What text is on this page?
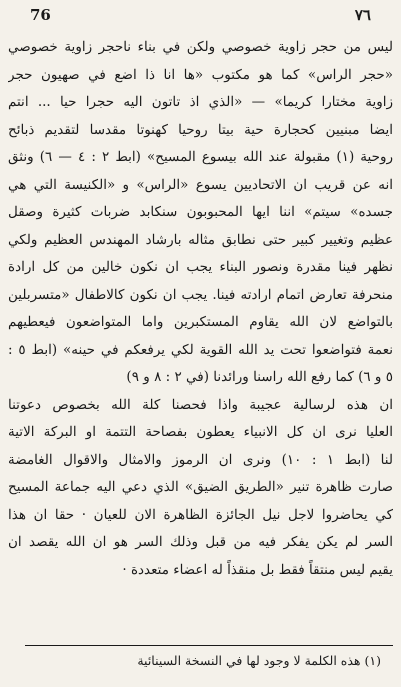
76	٧٦
ليس من حجر زاوية خصوصي ولكن في بناء ناحجر زاوية خصوصي
«حجر الراس» كما هو مكتوب «ها انا ذا اضع في صهيون حجر
زاوية مختارا كريما» — «الذي اذ تاتون اليه حجرا حيا ... انتم
ايضا مبنيين كحجارة حية بيتا روحيا كهنوتا مقدسا لتقديم ذبائح
روحية (١) مقبولة عند الله بيسوع المسيح» (ابط ٢ : ٤ — ٦) ونثق
انه عن قريب ان الاتحاديين يسوع «الراس» و «الكنيسة التي هي
جسده» سيتم» اننا ايها المحبوبون سنكابد ضربات كثيرة وصقل
عظيم وتغيير كبير حتى نطابق مثاله بارشاد المهندس العظيم ولكي
نظهر فينا مقدرة ونصور البناء يجب ان نكون خالين من كل ارادة
منحرفة تعارض اتمام ارادته فينا. يجب ان نكون كالاطفال «متسربلين
بالتواضع لان الله يقاوم المستكبرين واما المتواضعون فيعطيهم
نعمة فتواضعوا تحت يد الله القوية لكي يرفعكم في حينه» (ابط ٥ :
٥ و ٦) كما رفع الله راسنا ورائدنا (في ٢ : ٨ و ٩)
ان هذه لرسالية عجيبة واذا فحصنا كلة الله بخصوص دعوتنا
العليا نرى ان كل الانبياء يعطون بفصاحة التتمة او البركة الاتية
لنا (ابط ١ : ١٠) ونرى ان الرموز والامثال والاقوال الغامضة
صارت ظاهرة تنير «الطريق الضيق» الذي دعي اليه جماعة المسيح
كي يحاضروا لاجل نيل الجائزة الظاهرة الان للعيان · حقا ان هذا
السر لم يكن يفكر فيه من قبل وذلك السر هو ان الله يقصد ان
يقيم ليس منتقاً فقط بل منقذاً له اعضاء متعددة ·
(١) هذه الكلمة لا وجود لها في النسخة السينائية
